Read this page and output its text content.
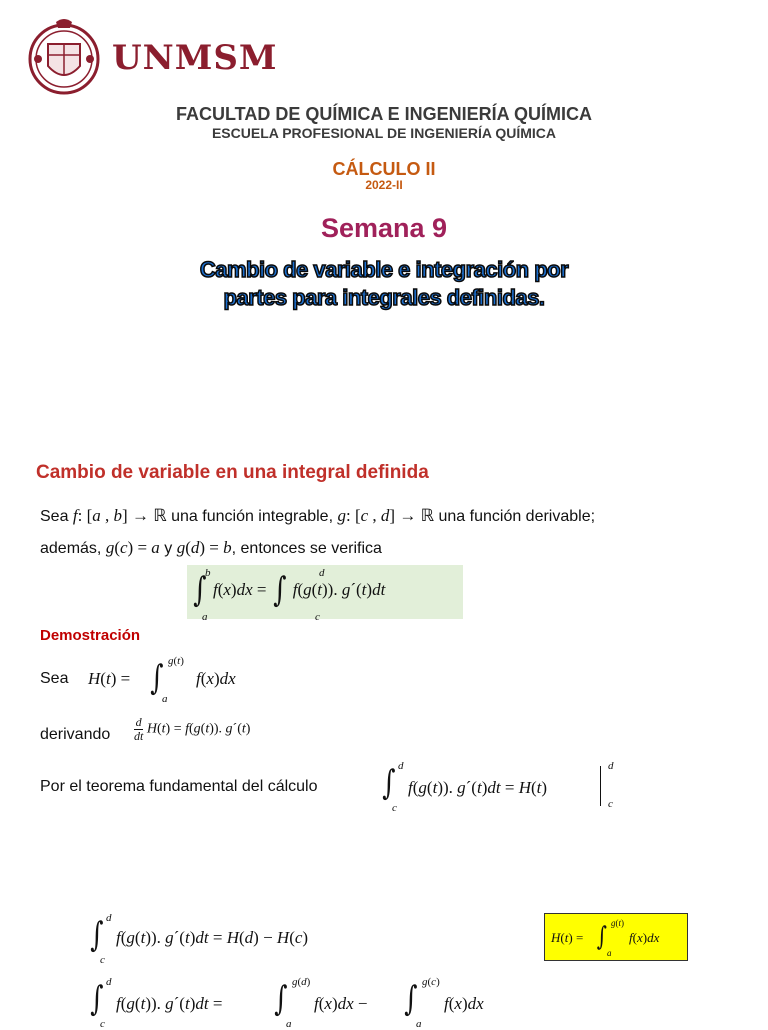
UNMSM
FACULTAD DE QUÍMICA E INGENIERÍA QUÍMICA
ESCUELA PROFESIONAL DE INGENIERÍA QUÍMICA
CÁLCULO II
2022-II
Semana 9
Cambio de variable e integración por
partes para integrales definidas.
Cambio de variable en una integral definida
Sea f: [a , b] → ℝ una función integrable, g: [c , d] → ℝ una función derivable;
además, g(c) = a y g(d) = b, entonces se verifica
∫
b
a
f(x)dx = ∫	d
c
f(g(t)). g´(t)dt
Demostración
Sea H(t) = ∫ g(t)
a
f(x)dx
derivando $\frac{d}{dt} H(t) = f(g(t))$. g´(t)
Por el teorema fundamental del cálculo ∫ d
c
f(g(t)). g´(t)dt = H(t)
d
c
∫ d
c
f(g(t)). g´(t)dt = H(d) − H(c)	H(t) = ∫ g(t)
a
f(x)dx
∫ d
c
f(g(t)). g´(t)dt = ∫ g(d)
a
f(x)dx − ∫ g(c)
a
f(x)dx
